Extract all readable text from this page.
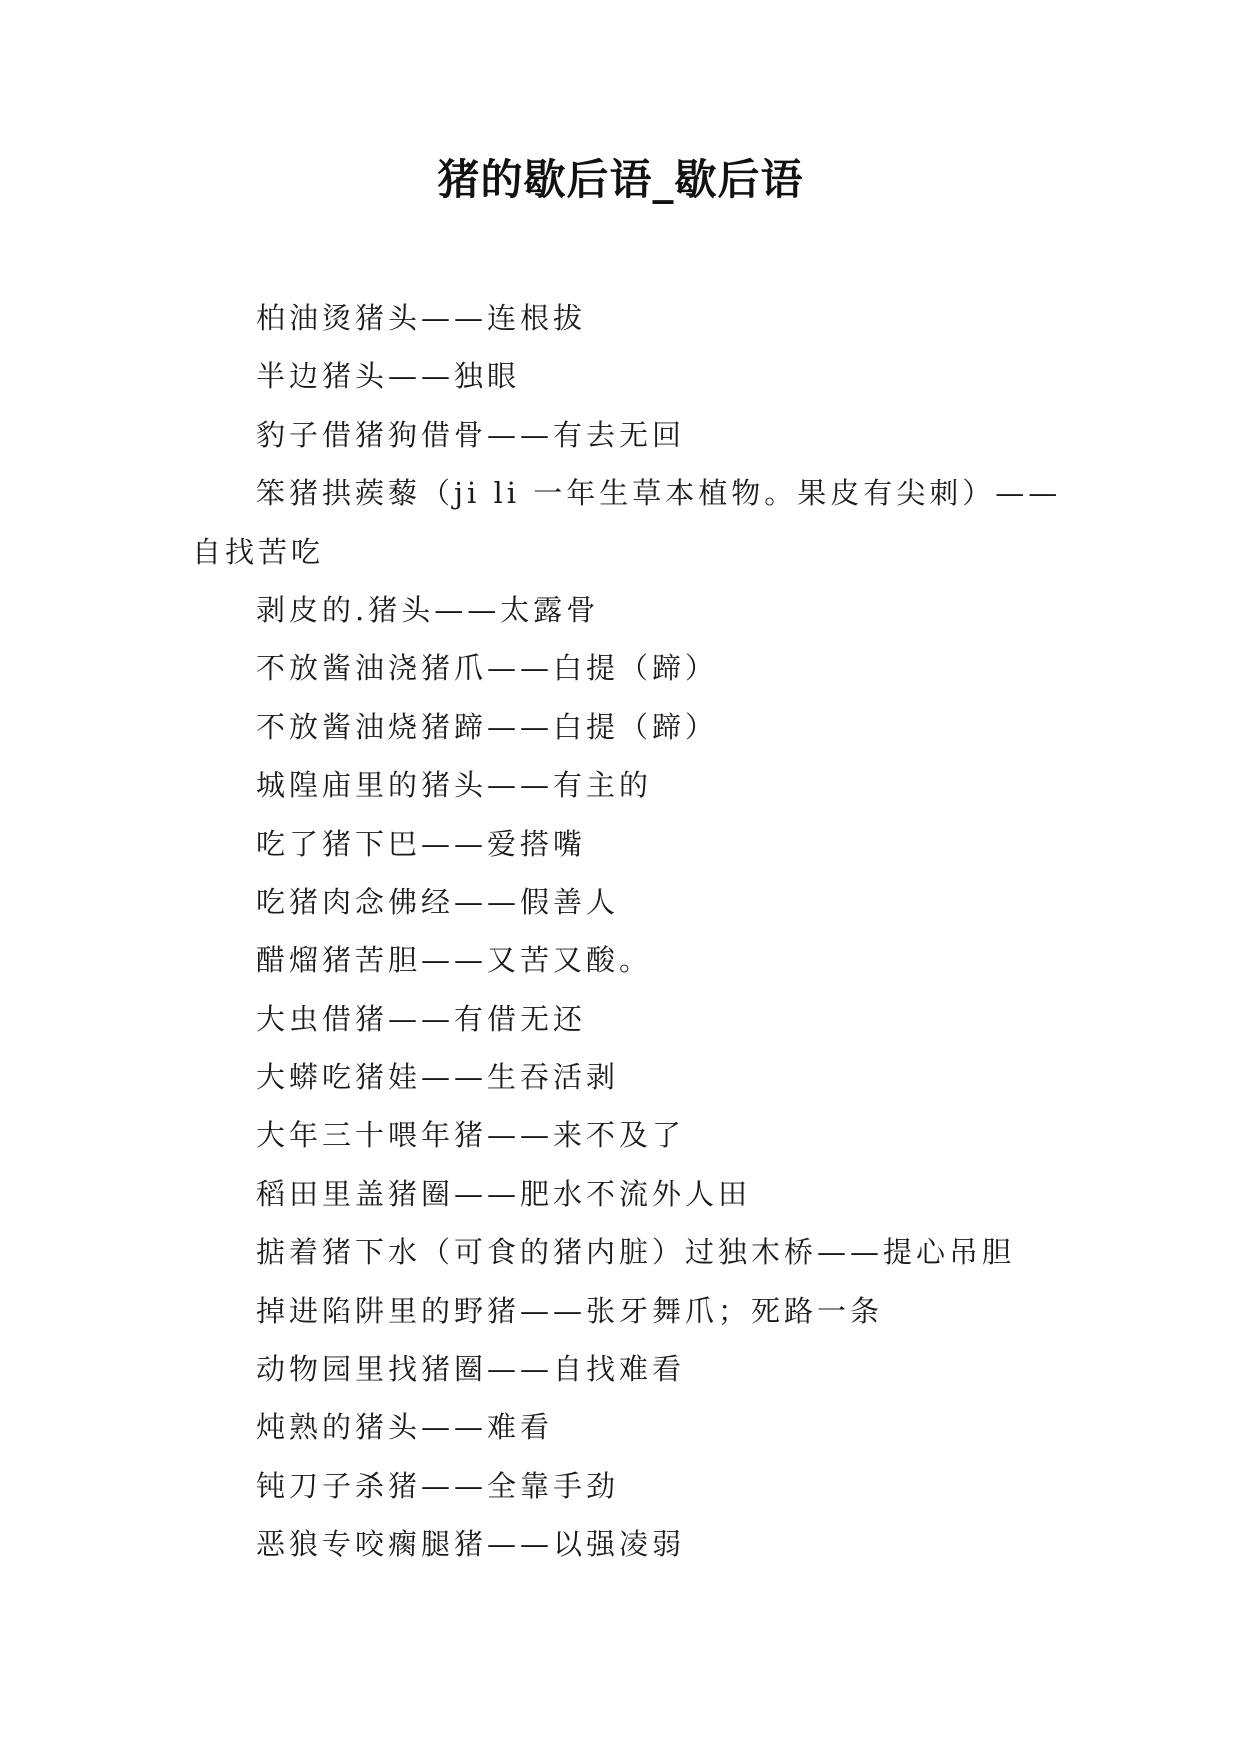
猪的歇后语_歇后语
柏油烫猪头——连根拔
半边猪头——独眼
豹子借猪狗借骨——有去无回
笨猪拱蒺藜（ji li 一年生草本植物。果皮有尖刺）——
自找苦吃
剥皮的.猪头——太露骨
不放酱油浇猪爪——白提（蹄）
不放酱油烧猪蹄——白提（蹄）
城隍庙里的猪头——有主的
吃了猪下巴——爱搭嘴
吃猪肉念佛经——假善人
醋熘猪苦胆——又苦又酸。
大虫借猪——有借无还
大蟒吃猪娃——生吞活剥
大年三十喂年猪——来不及了
稻田里盖猪圈——肥水不流外人田
掂着猪下水（可食的猪内脏）过独木桥——提心吊胆
掉进陷阱里的野猪——张牙舞爪；死路一条
动物园里找猪圈——自找难看
炖熟的猪头——难看
钝刀子杀猪——全靠手劲
恶狼专咬瘸腿猪——以强凌弱
